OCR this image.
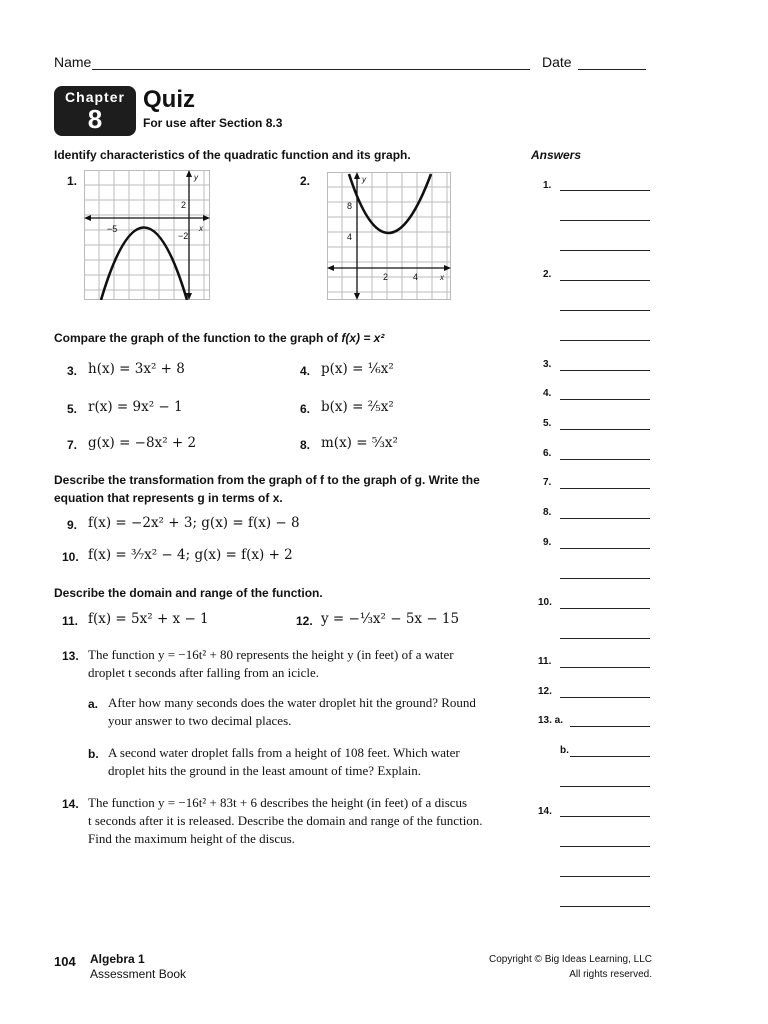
Name	Date
Chapter
8
Quiz
For use after Section 8.3
Identify characteristics of the quadratic function and its graph.
1.
−5
2
−2
x
y	2.
2	4
8
4
x
y
Compare the graph of the function to the graph of f(x) = x²
3. h(x) = 3x² + 8	4. p(x) = ⅙x²
5. r(x) = 9x² − 1	6. b(x) = ⅖x²
7. g(x) = −8x² + 2	8. m(x) = ⁵⁄₃x²
Describe the transformation from the graph of f to the graph of g. Write the equation that represents g in terms of x.
9. f(x) = −2x² + 3; g(x) = f(x) − 8
10. f(x) = ³⁄₇x² − 4; g(x) = f(x) + 2
Describe the domain and range of the function.
11. f(x) = 5x² + x − 1	12. y = −⅓x² − 5x − 15
13. The function y = −16t² + 80 represents the height y (in feet) of a water
droplet t seconds after falling from an icicle.
a. After how many seconds does the water droplet hit the ground? Round
your answer to two decimal places.
b. A second water droplet falls from a height of 108 feet. Which water
droplet hits the ground in the least amount of time? Explain.
14. The function y = −16t² + 83t + 6 describes the height (in feet) of a discus
t seconds after it is released. Describe the domain and range of the function.
Find the maximum height of the discus.
Answers
1.
2.
3.
4.
5.
6.
7.
8.
9.
10.
11.
12.
13. a.
b.
14.
104 Algebra 1
Assessment Book
Copyright © Big Ideas Learning, LLC
All rights reserved.
